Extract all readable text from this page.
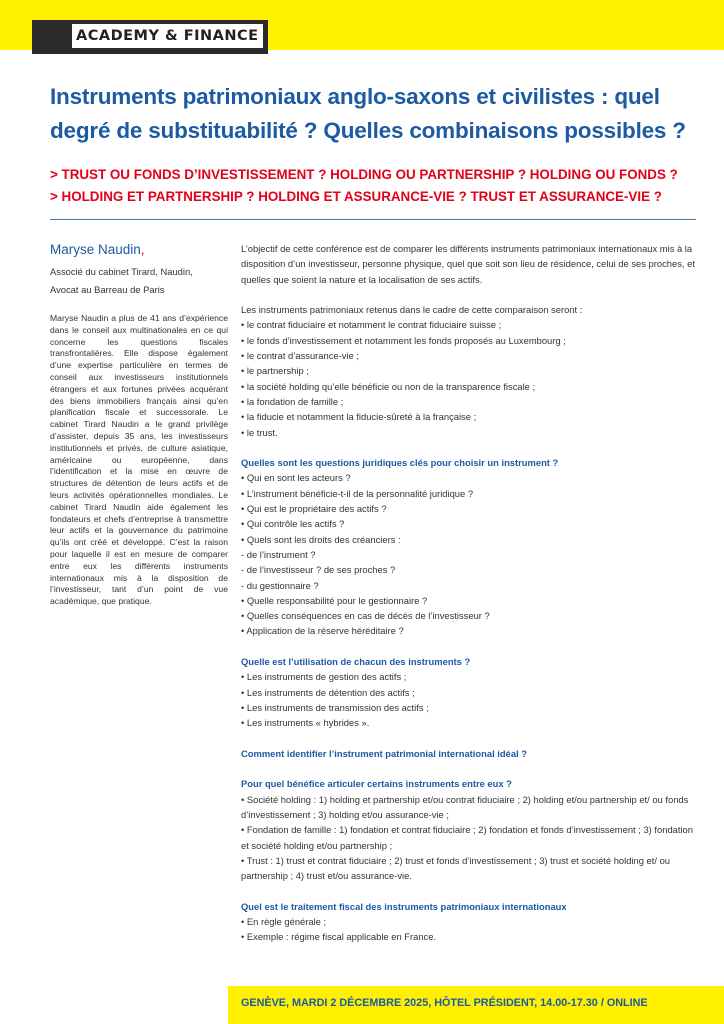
ACADEMY & FINANCE
Instruments patrimoniaux anglo-saxons et civilistes : quel degré de substituabilité ? Quelles combinaisons possibles ?
> TRUST OU FONDS D’INVESTISSEMENT ? HOLDING OU PARTNERSHIP ? HOLDING OU FONDS ?
> HOLDING ET PARTNERSHIP ? HOLDING ET ASSURANCE-VIE ? TRUST ET ASSURANCE-VIE ?
Maryse Naudin,
Associé du cabinet Tirard, Naudin,
Avocat au Barreau de Paris

Maryse Naudin a plus de 41 ans d’expérience dans le conseil aux multinationales en ce qui concerne les questions fiscales transfrontalières. Elle dispose également d’une expertise particulière en termes de conseil aux investisseurs institutionnels étrangers et aux fortunes privées acquérant des biens immobiliers français ainsi qu’en planification fiscale et successorale. Le cabinet Tirard Naudin a le grand privilège d’assister, depuis 35 ans, les investisseurs institutionnels et privés, de culture asiatique, américaine ou européenne, dans l’identification et la mise en œuvre de structures de détention de leurs actifs et de leurs activités opérationnelles mondiales. Le cabinet Tirard Naudin aide également les fondateurs et chefs d’entreprise à transmettre leur actifs et la gouvernance du patrimoine qu’ils ont créé et développé. C’est la raison pour laquelle il est en mesure de comparer entre eux les différents instruments internationaux mis à la disposition de l’investisseur, tant d’un point de vue académique, que pratique.

L’objectif de cette conférence est de comparer les différents instruments patrimoniaux internationaux mis à la disposition d’un investisseur, personne physique, quel que soit son lieu de résidence, celui de ses proches, et quelles que soient la nature et la localisation de ses actifs.

Les instruments patrimoniaux retenus dans le cadre de cette comparaison seront :

• le contrat fiduciaire et notamment le contrat fiduciaire suisse ;
• le fonds d’investissement et notamment les fonds proposés au Luxembourg ;
• le contrat d’assurance-vie ;
• le partnership ;
• la société holding qu’elle bénéficie ou non de la transparence fiscale ;
• la fondation de famille ;
• la fiducie et notamment la fiducie-sûreté à la française ;
• le trust.

Quelles sont les questions juridiques clés pour choisir un instrument ?

• Qui en sont les acteurs ?
• L’instrument bénéficie-t-il de la personnalité juridique ?
• Qui est le propriétaire des actifs ?
• Qui contrôle les actifs ?
• Quels sont les droits des créanciers :
- de l’instrument ?
- de l’investisseur ? de ses proches ?
- du gestionnaire ?
• Quelle responsabilité pour le gestionnaire ?
• Quelles conséquences en cas de décès de l’investisseur ?
• Application de la réserve héréditaire ?

Quelle est l’utilisation de chacun des instruments ?

• Les instruments de gestion des actifs ;
• Les instruments de détention des actifs ;
• Les instruments de transmission des actifs ;
• Les instruments « hybrides ».

Comment identifier l’instrument patrimonial international idéal ?

Pour quel bénéfice articuler certains instruments entre eux ?

• Société holding : 1) holding et partnership et/ou contrat fiduciaire ; 2) holding et/ou partnership et/ ou fonds d’investissement ; 3) holding et/ou assurance-vie ;

• Fondation de famille : 1) fondation et contrat fiduciaire ; 2) fondation et fonds d’investissement ; 3) fondation et société holding et/ou partnership ;

• Trust : 1) trust et contrat fiduciaire ; 2) trust et fonds d’investissement ; 3) trust et société holding et/ ou partnership ; 4) trust et/ou assurance-vie.

Quel est le traitement fiscal des instruments patrimoniaux internationaux

• En règle générale ;
• Exemple : régime fiscal applicable en France.
GENÈVE, MARDI 2 DÉCEMBRE 2025, HÔTEL PRÉSIDENT, 14.00-17.30 / ONLINE
